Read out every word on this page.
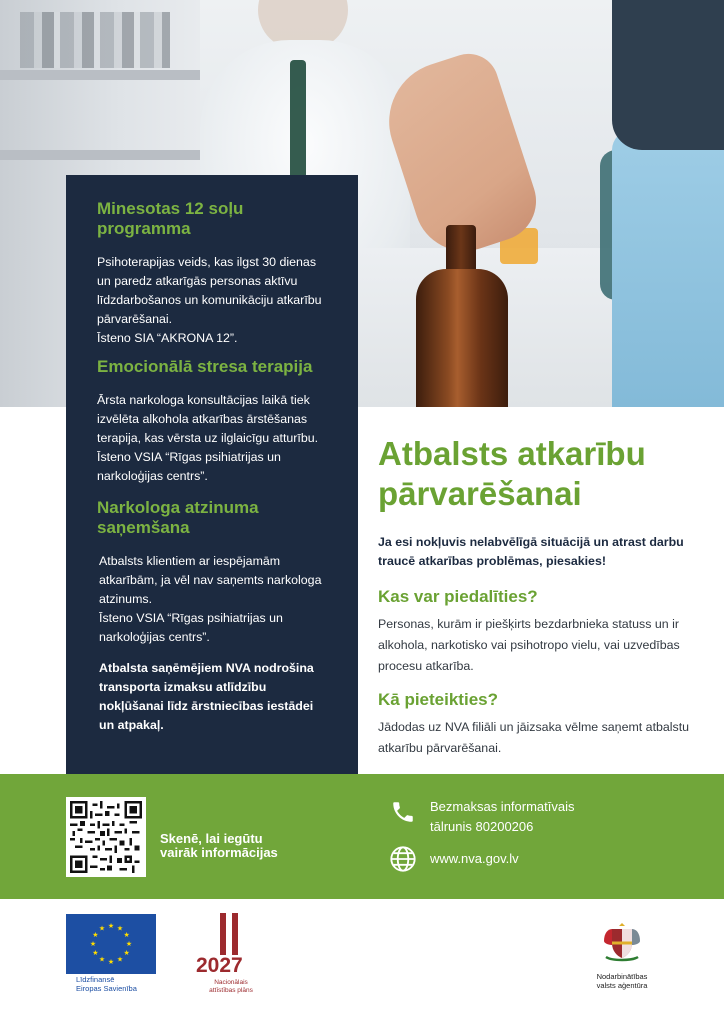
Minesotas 12 soļu programma

Psihoterapijas veids, kas ilgst 30 dienas un paredz atkarīgās personas aktīvu līdzdarbošanos un komunikāciju atkarību pārvarēšanai.
Īsteno SIA “AKRONA 12”.

Emocionālā stresa terapija

Ārsta narkologa konsultācijas laikā tiek izvēlēta alkohola atkarības ārstēšanas terapija, kas vērsta uz ilglaicīgu atturību.
Īsteno VSIA “Rīgas psihiatrijas un narkoloģijas centrs”.

Narkologa atzinuma saņemšana

Atbalsts klientiem ar iespējamām atkarībām, ja vēl nav saņemts narkologa atzinums.
Īsteno VSIA “Rīgas psihiatrijas un narkoloģijas centrs”.

Atbalsta saņēmējiem NVA nodrošina transporta izmaksu atlīdzību nokļūšanai līdz ārstniecības iestādei un atpakaļ.

Atbalsts atkarību pārvarēšanai

Ja esi nokļuvis nelabvēlīgā situācijā un atrast darbu traucē atkarības problēmas, piesakies!

Kas var piedalīties?

Personas, kurām ir piešķirts bezdarbnieka statuss un ir alkohola, narkotisko vai psihotropo vielu, vai uzvedības procesu atkarība.

Kā pieteikties?

Jādodas uz NVA filiāli un jāizsaka vēlme saņemt atbalstu atkarību pārvarēšanai.

Skenē, lai iegūtu vairāk informācijas
Bezmaksas informatīvais
tālrunis 80200206
www.nva.gov.lv
★ ★
★
★
★
★
★
★
★
★
★
★
Līdzfinansē
Eiropas Savienība
2027
Nacionālais
attīstības plāns
Nodarbinātības
valsts aģentūra
